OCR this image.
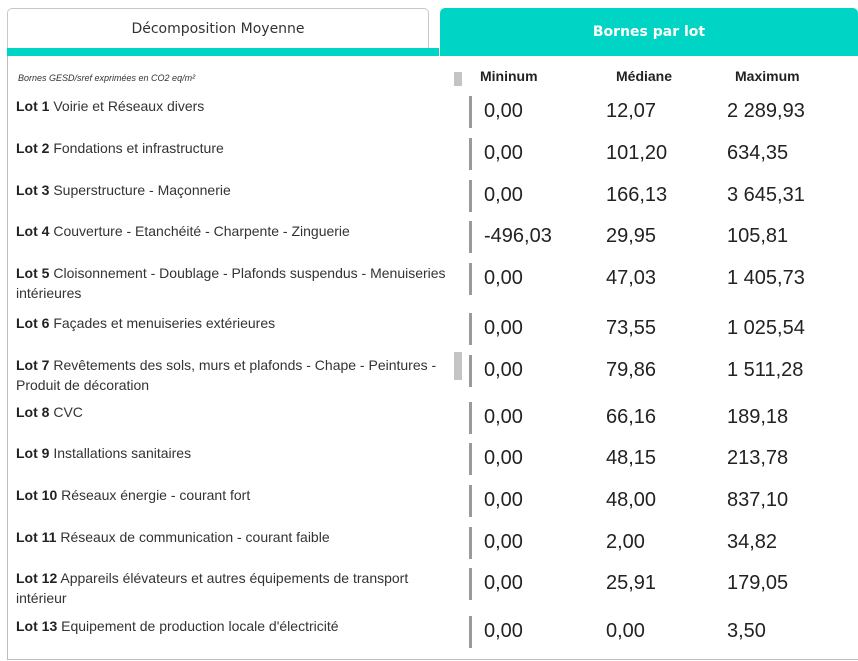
Décomposition Moyenne	Bornes par lot
Bornes GESD/sref exprimées en CO2 eq/m²	Mininum	Médiane	Maximum
Lot 1 Voirie et Réseaux divers	0,00	12,07	2 289,93
Lot 2 Fondations et infrastructure	0,00	101,20	634,35
Lot 3 Superstructure - Maçonnerie	0,00	166,13	3 645,31
Lot 4 Couverture - Etanchéité - Charpente - Zinguerie	-496,03	29,95	105,81
Lot 5 Cloisonnement - Doublage - Plafonds suspendus - Menuiseries intérieures
0,00	47,03	1 405,73
Lot 6 Façades et menuiseries extérieures	0,00	73,55	1 025,54
Lot 7 Revêtements des sols, murs et plafonds - Chape - Peintures - Produit de décoration
0,00	79,86	1 511,28
Lot 8 CVC	0,00	66,16	189,18
Lot 9 Installations sanitaires	0,00	48,15	213,78
Lot 10 Réseaux énergie - courant fort	0,00	48,00	837,10
Lot 11 Réseaux de communication - courant faible	0,00	2,00	34,82
Lot 12 Appareils élévateurs et autres équipements de transport intérieur
0,00	25,91	179,05
Lot 13 Equipement de production locale d'électricité	0,00	0,00	3,50
